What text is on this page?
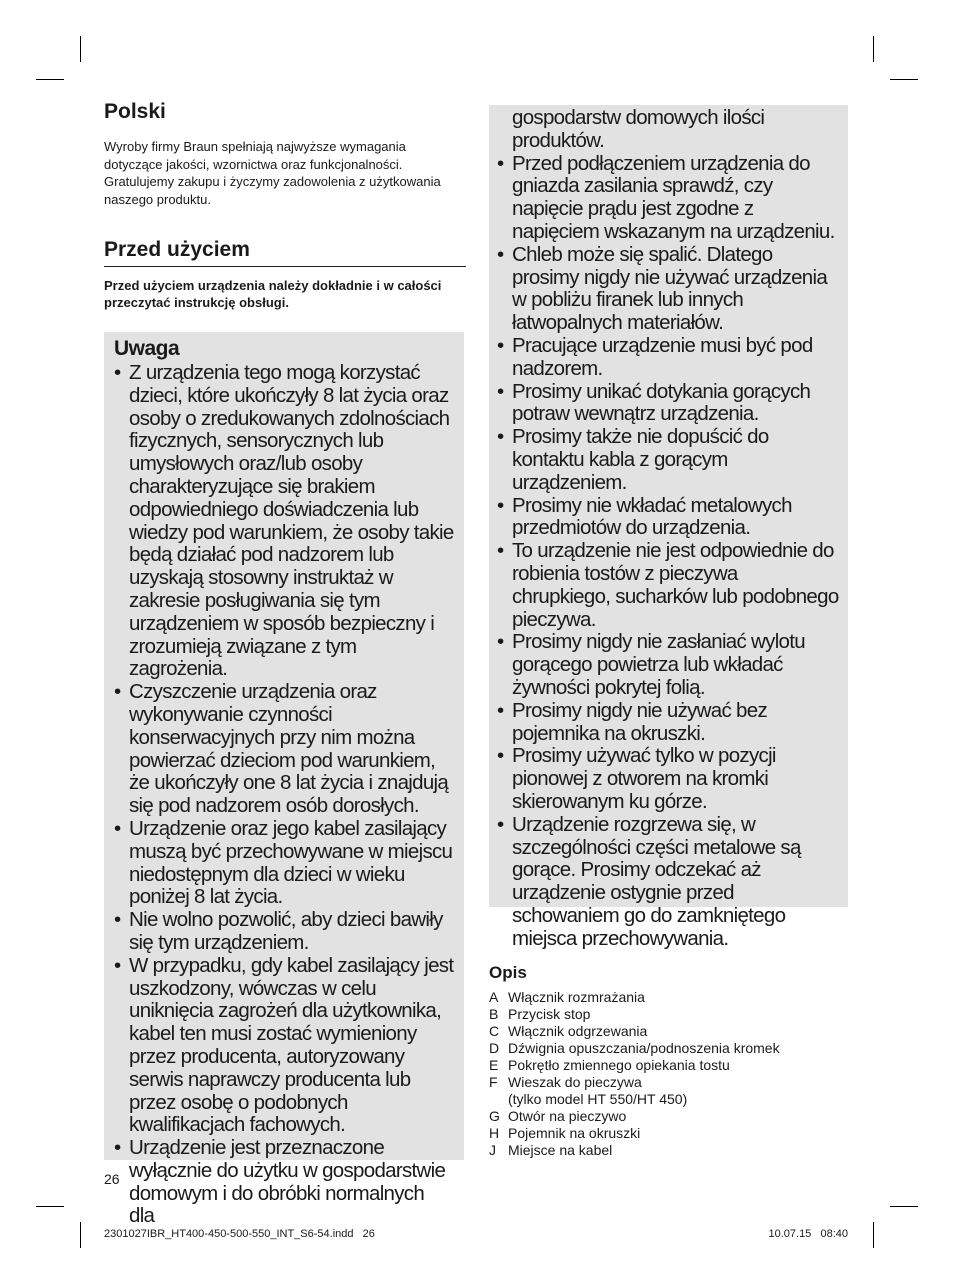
Polski
Wyroby firmy Braun spełniają najwyższe wymagania dotyczące jakości, wzornictwa oraz funkcjonalności. Gratulujemy zakupu i życzymy zadowolenia z użytkowania naszego produktu.
Przed użyciem
Przed użyciem urządzenia należy dokładnie i w całości przeczytać instrukcję obsługi.
Uwaga
• Z urządzenia tego mogą korzystać dzieci, które ukończyły 8 lat życia oraz osoby o zredukowanych zdolnościach fizycznych, sensorycznych lub umysłowych oraz/lub osoby charakteryzujące się brakiem odpowiedniego doświadczenia lub wiedzy pod warunkiem, że osoby takie będą działać pod nadzorem lub uzyskają stosowny instruktaż w zakresie posługiwania się tym urządzeniem w sposób bezpieczny i zrozumieją związane z tym zagrożenia.
• Czyszczenie urządzenia oraz wykonywanie czynności konserwacyjnych przy nim można powierzać dzieciom pod warunkiem, że ukończyły one 8 lat życia i znajdują się pod nadzorem osób dorosłych.
• Urządzenie oraz jego kabel zasilający muszą być przechowywane w miejscu niedostępnym dla dzieci w wieku poniżej 8 lat życia.
• Nie wolno pozwolić, aby dzieci bawiły się tym urządzeniem.
• W przypadku, gdy kabel zasilający jest uszkodzony, wówczas w celu uniknięcia zagrożeń dla użytkownika, kabel ten musi zostać wymieniony przez producenta, autoryzowany serwis naprawczy producenta lub przez osobę o podobnych kwalifikacjach fachowych.
• Urządzenie jest przeznaczone wyłącznie do użytku w gospodarstwie domowym i do obróbki normalnych dla
gospodarstw domowych ilości produktów.
• Przed podłączeniem urządzenia do gniazda zasilania sprawdź, czy napięcie prądu jest zgodne z napięciem wskazanym na urządzeniu.
• Chleb może się spalić. Dlatego prosimy nigdy nie używać urządzenia w pobliżu firanek lub innych łatwopalnych materiałów.
• Pracujące urządzenie musi być pod nadzorem.
• Prosimy unikać dotykania gorących potraw wewnątrz urządzenia.
• Prosimy także nie dopuścić do kontaktu kabla z gorącym urządzeniem.
• Prosimy nie wkładać metalowych przedmiotów do urządzenia.
• To urządzenie nie jest odpowiednie do robienia tostów z pieczywa chrupkiego, sucharków lub podobnego pieczywa.
• Prosimy nigdy nie zasłaniać wylotu gorącego powietrza lub wkładać żywności pokrytej folią.
• Prosimy nigdy nie używać bez pojemnika na okruszki.
• Prosimy używać tylko w pozycji pionowej z otworem na kromki skierowanym ku górze.
• Urządzenie rozgrzewa się, w szczególności części metalowe są gorące. Prosimy odczekać aż urządzenie ostygnie przed schowaniem go do zamkniętego miejsca przechowywania.
Opis
A Włącznik rozmrażania
B Przycisk stop
C Włącznik odgrzewania
D Dźwignia opuszczania/podnoszenia kromek
E Pokrętło zmiennego opiekania tostu
F Wieszak do pieczywa
(tylko model HT 550/HT 450)
G Otwór na pieczywo
H Pojemnik na okruszki
J Miejsce na kabel
26
2301027IBR_HT400-450-500-550_INT_S6-54.indd   26	10.07.15   08:40
